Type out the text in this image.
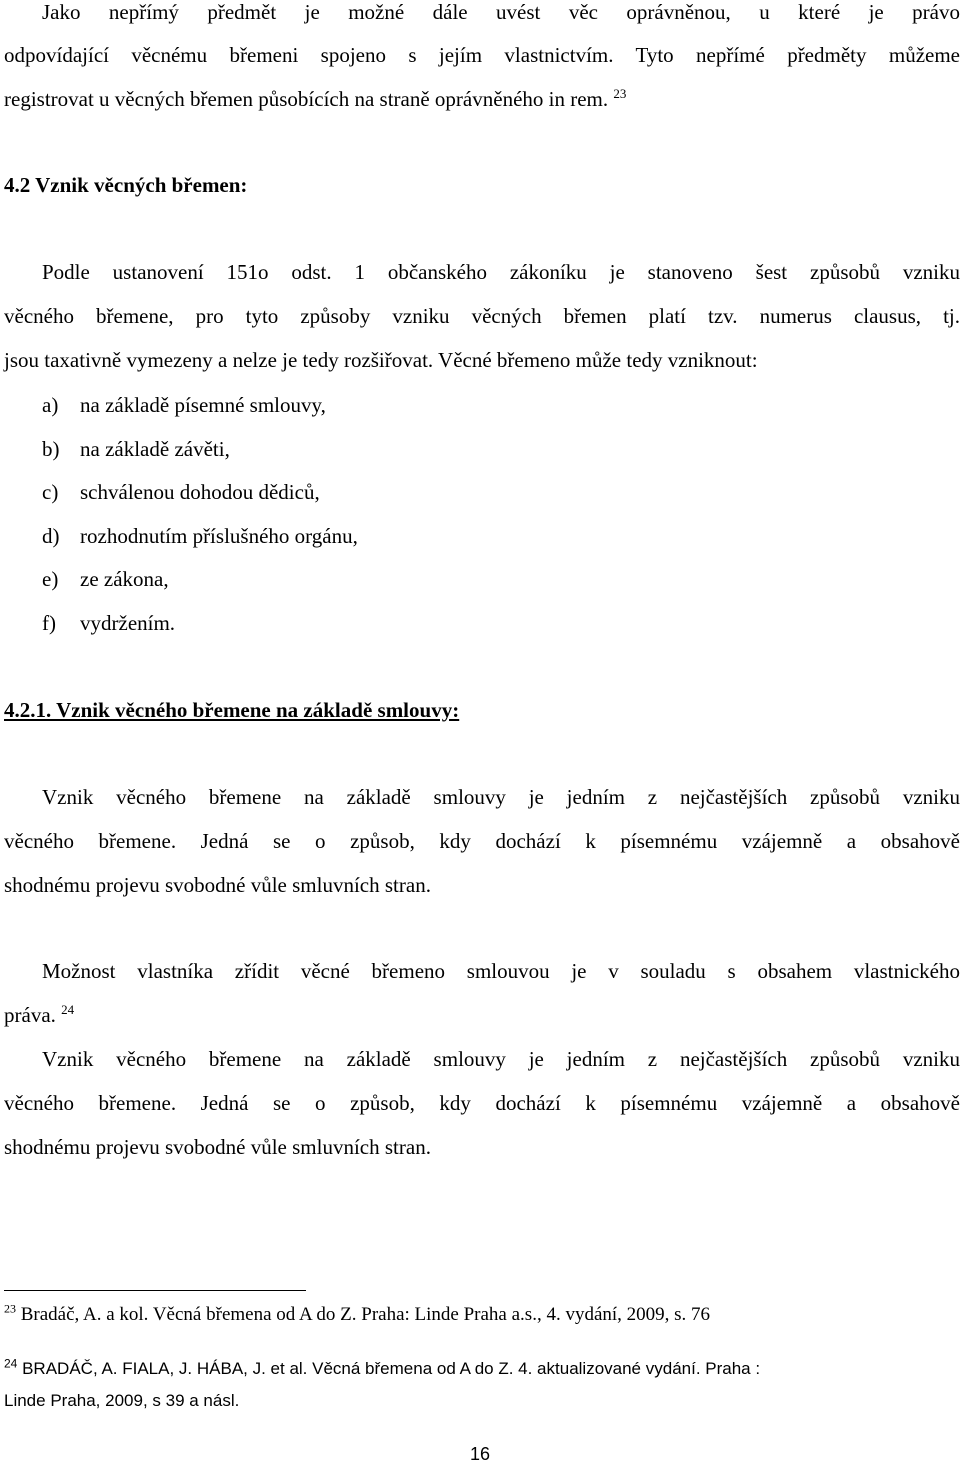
Jako nepřímý předmět je možné dále uvést věc oprávněnou, u které je právo
odpovídající věcnému břemeni spojeno s jejím vlastnictvím. Tyto nepřímé předměty můžeme
registrovat u věcných břemen působících na straně oprávněného in rem. $^{23}$
4.2 Vznik věcných břemen:
Podle ustanovení 151o odst. 1 občanského zákoníku je stanoveno šest způsobů vzniku
věcného břemene, pro tyto způsoby vzniku věcných břemen platí tzv. numerus clausus, tj.
jsou taxativně vymezeny a nelze je tedy rozšiřovat. Věcné břemeno může tedy vzniknout:
a) na základě písemné smlouvy,
b) na základě závěti,
c) schválenou dohodou dědiců,
d) rozhodnutím příslušného orgánu,
e) ze zákona,
f) vydržením.
4.2.1. Vznik věcného břemene na základě smlouvy:
Vznik věcného břemene na základě smlouvy je jedním z nejčastějších způsobů vzniku
věcného břemene. Jedná se o způsob, kdy dochází k písemnému vzájemně a obsahově
shodnému projevu svobodné vůle smluvních stran.
Možnost vlastníka zřídit věcné břemeno smlouvou je v souladu s obsahem vlastnického
práva. $^{24}$
Vznik věcného břemene na základě smlouvy je jedním z nejčastějších způsobů vzniku
věcného břemene. Jedná se o způsob, kdy dochází k písemnému vzájemně a obsahově
shodnému projevu svobodné vůle smluvních stran.
$^{23}$ Bradáč, A. a kol. Věcná břemena od A do Z. Praha: Linde Praha a.s., 4. vydání, 2009, s. 76
$^{24}$ BRADÁČ, A. FIALA, J. HÁBA, J. et al. Věcná břemena od A do Z. 4. aktualizované vydání. Praha :
Linde Praha, 2009, s 39 a násl.
16
